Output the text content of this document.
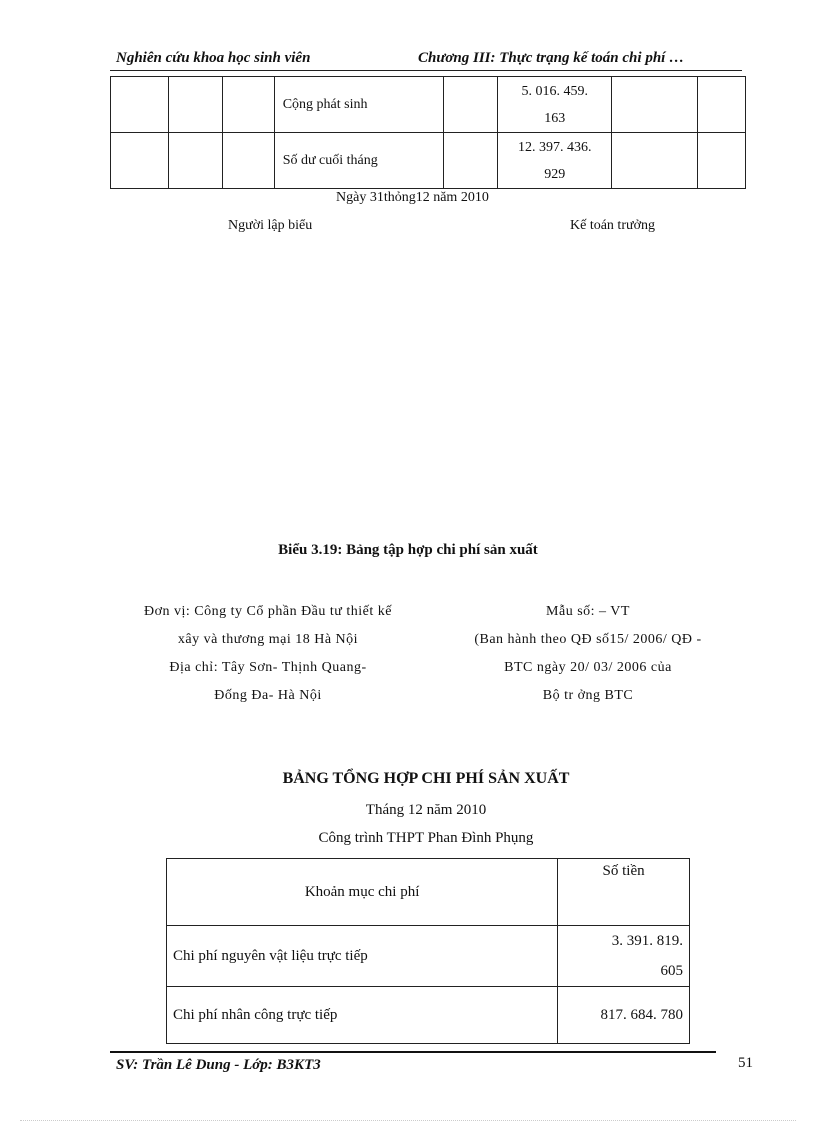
Nghiên cứu khoa học sinh viên	Chương III: Thực trạng kế toán chi phí …
			Cộng phát sinh		5. 016. 459.
163		

			Số dư cuối tháng		12. 397. 436.
929		

Ngày 31thỏng12 năm 2010
Người lập biểu	Kế toán trưởng
Biểu 3.19: Bảng tập hợp chi phí sản xuất
Đơn vị: Công ty Cổ phần Đầu tư thiết kế
xây và thương mại 18 Hà Nội
Địa chỉ: Tây Sơn- Thịnh Quang-
Đống Đa- Hà Nội
Mẫu số: – VT
(Ban hành theo QĐ số15/ 2006/ QĐ -
BTC ngày 20/ 03/ 2006 của
Bộ tr ởng BTC
BẢNG TỔNG HỢP CHI PHÍ SẢN XUẤT
Tháng 12 năm 2010
Công trình THPT Phan Đình Phụng
Khoản mục chi phí	Số tiền
Chi phí nguyên vật liệu trực tiếp	3. 391. 819.
605

Chi phí nhân công trực tiếp	817. 684. 780
SV: Trần Lê Dung - Lớp: B3KT3	51
